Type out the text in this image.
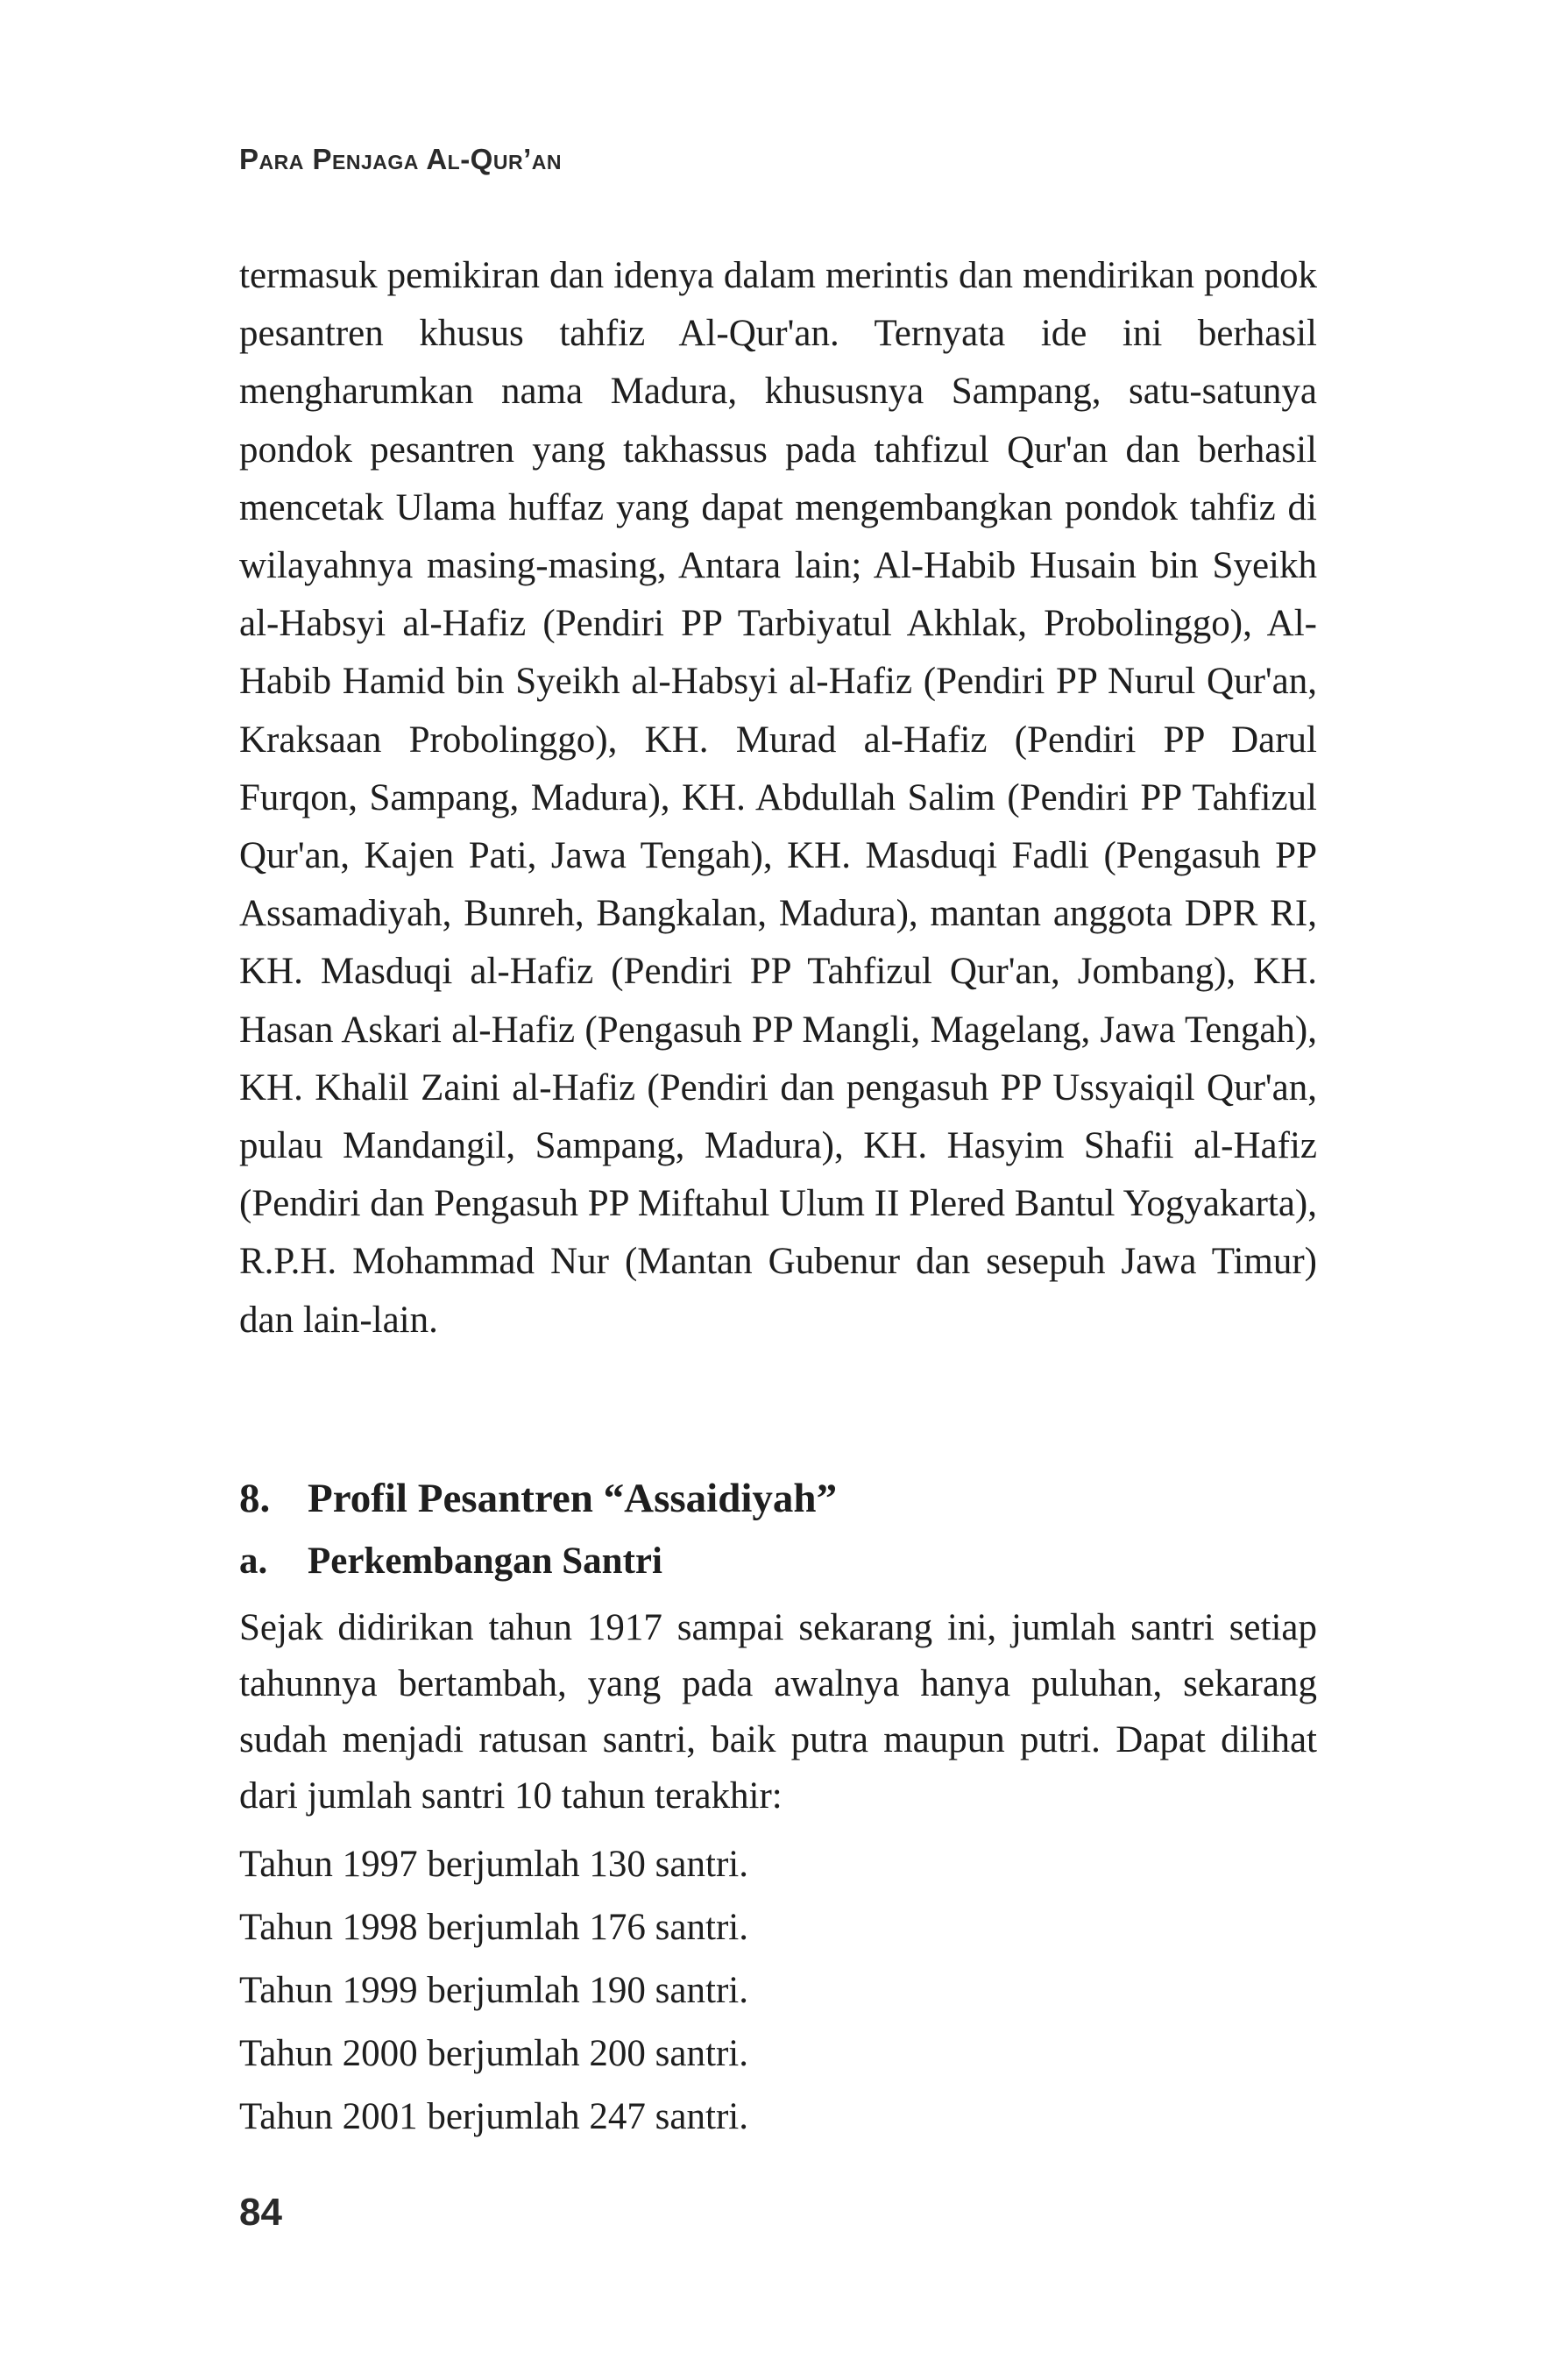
Para Penjaga Al-Qur’an

termasuk pemikiran dan idenya dalam merintis dan mendirikan pondok pesantren khusus tahfiz Al-Qur'an. Ternyata ide ini berhasil mengharumkan nama Madura, khususnya Sampang, satu-satunya pondok pesantren yang takhassus pada tahfizul Qur'an dan berhasil mencetak Ulama huffaz yang dapat mengembangkan pondok tahfiz di wilayahnya masing-masing, Antara lain; Al-Habib Husain bin Syeikh al-Habsyi al-Hafiz (Pendiri PP Tarbiyatul Akhlak, Probolinggo), Al-Habib Hamid bin Syeikh al-Habsyi al-Hafiz (Pendiri PP Nurul Qur'an, Kraksaan Probolinggo), KH. Murad al-Hafiz (Pendiri PP Darul Furqon, Sampang, Madura), KH. Abdullah Salim (Pendiri PP Tahfizul Qur'an, Kajen Pati, Jawa Tengah), KH. Masduqi Fadli (Pengasuh PP Assamadiyah, Bunreh, Bangkalan, Madura), mantan anggota DPR RI, KH. Masduqi al-Hafiz (Pendiri PP Tahfizul Qur'an, Jombang), KH. Hasan Askari al-Hafiz (Pengasuh PP Mangli, Magelang, Jawa Tengah), KH. Khalil Zaini al-Hafiz (Pendiri dan pengasuh PP Ussyaiqil Qur'an, pulau Mandangil, Sampang, Madura), KH. Hasyim Shafii al-Hafiz (Pendiri dan Pengasuh PP Miftahul Ulum II Plered Bantul Yogyakarta), R.P.H. Mohammad Nur (Mantan Gubenur dan sesepuh Jawa Timur) dan lain-lain.

8. Profil Pesantren “Assaidiyah”
a.	Perkembangan Santri

Sejak didirikan tahun 1917 sampai sekarang ini, jumlah santri setiap tahunnya bertambah, yang pada awalnya hanya puluhan, sekarang sudah menjadi ratusan santri, baik putra maupun putri. Dapat dilihat dari jumlah santri 10 tahun terakhir:

Tahun 1997 berjumlah 130 santri.
Tahun 1998 berjumlah 176 santri.
Tahun 1999 berjumlah 190 santri.
Tahun 2000 berjumlah 200 santri.
Tahun 2001 berjumlah 247 santri.
84
